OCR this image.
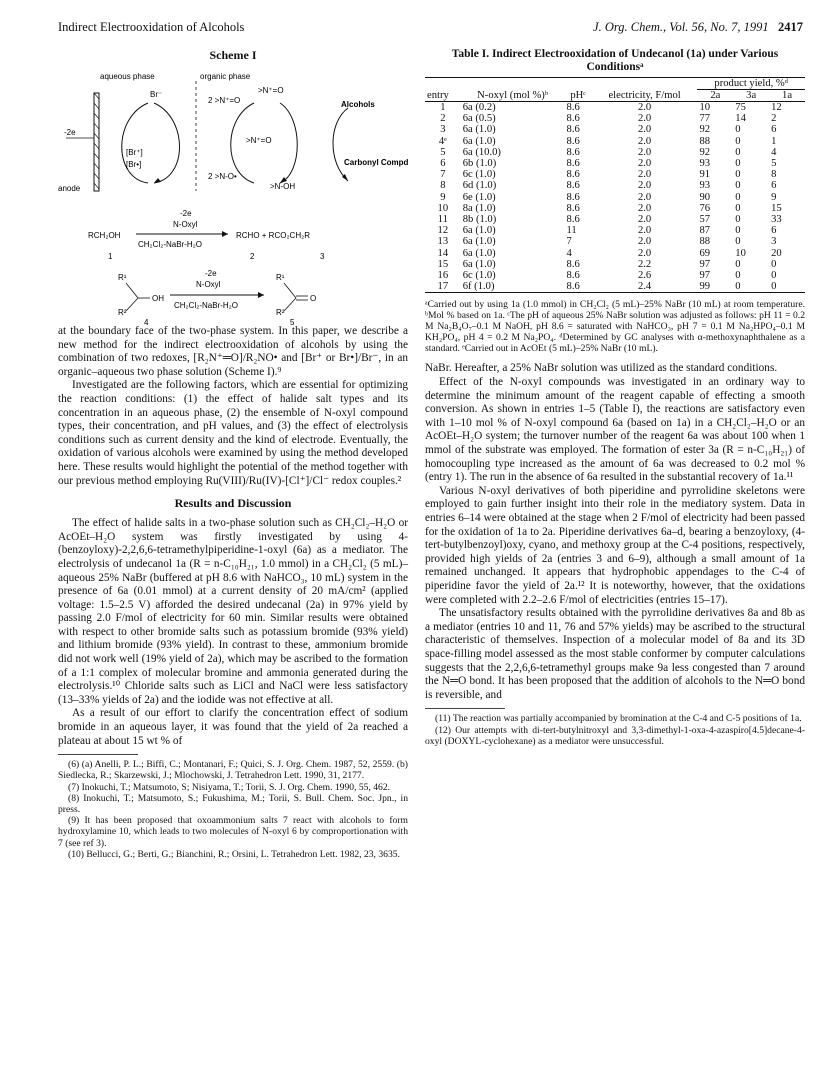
Indirect Electrooxidation of Alcohols	J. Org. Chem., Vol. 56, No. 7, 1991 2417
Scheme I
aqueous phase	organic phase
Br⁻
2 >N⁺=O
>N⁺=O
Alcohols
>N⁺=O
-2e
[Br⁺]
[Br•]
anode
Carbonyl Compds
2 >N-O•
>N-OH
RCH₂OH
-2e
N-Oxyl
CH₂Cl₂-NaBr-H₂O
RCHO + RCO₂CH₂R
1	2	3
R¹
R²
OH
-2e
N-Oxyl
CH₂Cl₂-NaBr-H₂O
R¹
R²
O
4	5

at the boundary face of the two-phase system. In this paper, we describe a new method for the indirect electrooxidation of alcohols by using the combination of two redoxes, [R₂N⁺═O]/R₂NO• and [Br⁺ or Br•]/Br⁻, in an organic–aqueous two phase solution (Scheme I).⁹

Investigated are the following factors, which are essential for optimizing the reaction conditions: (1) the effect of halide salt types and its concentration in an aqueous phase, (2) the ensemble of N-oxyl compound types, their concentration, and pH values, and (3) the effect of electrolysis conditions such as current density and the kind of electrode. Eventually, the oxidation of various alcohols were examined by using the method developed here. These results would highlight the potential of the method together with our previous method employing Ru(VIII)/Ru(IV)-[Cl⁺]/Cl⁻ redox couples.²

Results and Discussion

The effect of halide salts in a two-phase solution such as CH₂Cl₂–H₂O or AcOEt–H₂O system was firstly investigated by using 4-(benzoyloxy)-2,2,6,6-tetramethylpiperidine-1-oxyl (6a) as a mediator. The electrolysis of undecanol 1a (R = n-C₁₀H₂₁, 1.0 mmol) in a CH₂Cl₂ (5 mL)–aqueous 25% NaBr (buffered at pH 8.6 with NaHCO₃, 10 mL) system in the presence of 6a (0.01 mmol) at a current density of 20 mA/cm² (applied voltage: 1.5–2.5 V) afforded the desired undecanal (2a) in 97% yield by passing 2.0 F/mol of electricity for 60 min. Similar results were obtained with respect to other bromide salts such as potassium bromide (93% yield) and lithium bromide (93% yield). In contrast to these, ammonium bromide did not work well (19% yield of 2a), which may be ascribed to the formation of a 1:1 complex of molecular bromine and ammonia generated during the electrolysis.¹⁰ Chloride salts such as LiCl and NaCl were less satisfactory (13–33% yields of 2a) and the iodide was not effective at all.

As a result of our effort to clarify the concentration effect of sodium bromide in an aqueous layer, it was found that the yield of 2a reached a plateau at about 15 wt % of

(6) (a) Anelli, P. L.; Biffi, C.; Montanari, F.; Quici, S. J. Org. Chem. 1987, 52, 2559. (b) Siedlecka, R.; Skarzewski, J.; Mlochowski, J. Tetrahedron Lett. 1990, 31, 2177.

(7) Inokuchi, T.; Matsumoto, S; Nisiyama, T.; Torii, S. J. Org. Chem. 1990, 55, 462.

(8) Inokuchi, T.; Matsumoto, S.; Fukushima, M.; Torii, S. Bull. Chem. Soc. Jpn., in press.

(9) It has been proposed that oxoammonium salts 7 react with alcohols to form hydroxylamine 10, which leads to two molecules of N-oxyl 6 by comproportionation with 7 (see ref 3).

(10) Bellucci, G.; Berti, G.; Bianchini, R.; Orsini, L. Tetrahedron Lett. 1982, 23, 3635.

Table I. Indirect Electrooxidation of Undecanol (1a) under Various Conditionsᵃ

entry	N-oxyl (mol %)ᵇ	pHᶜ	electricity, F/mol	product yield, %ᵈ		
				2a	3a	1a

1	6a (0.2)	8.6	2.0	10	75	12
2	6a (0.5)	8.6	2.0	77	14	2
3	6a (1.0)	8.6	2.0	92	0	6
4ᵉ	6a (1.0)	8.6	2.0	88	0	1
5	6a (10.0)	8.6	2.0	92	0	4
6	6b (1.0)	8.6	2.0	93	0	5
7	6c (1.0)	8.6	2.0	91	0	8
8	6d (1.0)	8.6	2.0	93	0	6
9	6e (1.0)	8.6	2.0	90	0	9
10	8a (1.0)	8.6	2.0	76	0	15
11	8b (1.0)	8.6	2.0	57	0	33
12	6a (1.0)	11	2.0	87	0	6
13	6a (1.0)	7	2.0	88	0	3
14	6a (1.0)	4	2.0	69	10	20
15	6a (1.0)	8.6	2.2	97	0	0
16	6c (1.0)	8.6	2.6	97	0	0
17	6f (1.0)	8.6	2.4	99	0	0

ᵃCarried out by using 1a (1.0 mmol) in CH₂Cl₂ (5 mL)–25% NaBr (10 mL) at room temperature. ᵇMol % based on 1a. ᶜThe pH of aqueous 25% NaBr solution was adjusted as follows: pH 11 = 0.2 M Na₂B₄O₇–0.1 M NaOH, pH 8.6 = saturated with NaHCO₃, pH 7 = 0.1 M Na₂HPO₄–0.1 M KH₂PO₄, pH 4 = 0.2 M Na₂PO₄. ᵈDetermined by GC analyses with α-methoxynaphthalene as a standard. ᵉCarried out in AcOEt (5 mL)–25% NaBr (10 mL).

NaBr. Hereafter, a 25% NaBr solution was utilized as the standard conditions.

Effect of the N-oxyl compounds was investigated in an ordinary way to determine the minimum amount of the reagent capable of effecting a smooth conversion. As shown in entries 1–5 (Table I), the reactions are satisfactory even with 1–10 mol % of N-oxyl compound 6a (based on 1a) in a CH₂Cl₂–H₂O or an AcOEt–H₂O system; the turnover number of the reagent 6a was about 100 when 1 mmol of the substrate was employed. The formation of ester 3a (R = n-C₁₀H₂₁) of homocoupling type increased as the amount of 6a was decreased to 0.2 mol % (entry 1). The run in the absence of 6a resulted in the substantial recovery of 1a.¹¹

Various N-oxyl derivatives of both piperidine and pyrrolidine skeletons were employed to gain further insight into their role in the mediatory system. Data in entries 6–14 were obtained at the stage when 2 F/mol of electricity had been passed for the oxidation of 1a to 2a. Piperidine derivatives 6a–d, bearing a benzoyloxy, (4-tert-butylbenzoyl)oxy, cyano, and methoxy group at the C-4 positions, respectively, provided high yields of 2a (entries 3 and 6–9), although a small amount of 1a remained unchanged. It appears that hydrophobic appendages to the C-4 of piperidine favor the yield of 2a.¹² It is noteworthy, however, that the oxidations were completed with 2.2–2.6 F/mol of electricities (entries 15–17).

The unsatisfactory results obtained with the pyrrolidine derivatives 8a and 8b as a mediator (entries 10 and 11, 76 and 57% yields) may be ascribed to the structural characteristic of themselves. Inspection of a molecular model of 8a and its 3D space-filling model assessed as the most stable conformer by computer calculations suggests that the 2,2,6,6-tetramethyl groups make 9a less congested than 7 around the N═O bond. It has been proposed that the addition of alcohols to the N═O bond is reversible, and

(11) The reaction was partially accompanied by bromination at the C-4 and C-5 positions of 1a.

(12) Our attempts with di-tert-butylnitroxyl and 3,3-dimethyl-1-oxa-4-azaspiro[4.5]decane-4-oxyl (DOXYL-cyclohexane) as a mediator were unsuccessful.
